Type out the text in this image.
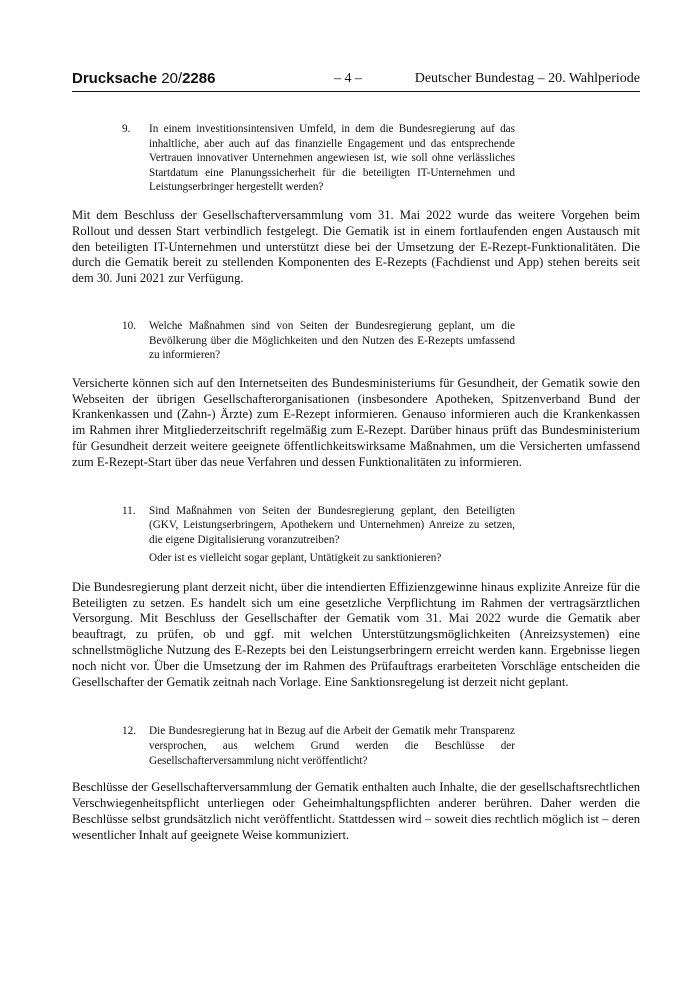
Drucksache 20/2286	– 4 –	Deutscher Bundestag – 20. Wahlperiode
9. In einem investitionsintensiven Umfeld, in dem die Bundesregierung auf das inhaltliche, aber auch auf das finanzielle Engagement und das entsprechende Vertrauen innovativer Unternehmen angewiesen ist, wie soll ohne verlässliches Startdatum eine Planungssicherheit für die beteiligten IT-Unternehmen und Leistungserbringer hergestellt werden?

Mit dem Beschluss der Gesellschafterversammlung vom 31. Mai 2022 wurde das weitere Vorgehen beim Rollout und dessen Start verbindlich festgelegt. Die Gematik ist in einem fortlaufenden engen Austausch mit den beteiligten IT-Unternehmen und unterstützt diese bei der Umsetzung der E-Rezept-Funktionalitäten. Die durch die Gematik bereit zu stellenden Komponenten des E-Rezepts (Fachdienst und App) stehen bereits seit dem 30. Juni 2021 zur Verfügung.

10. Welche Maßnahmen sind von Seiten der Bundesregierung geplant, um die Bevölkerung über die Möglichkeiten und den Nutzen des E-Rezepts umfassend zu informieren?

Versicherte können sich auf den Internetseiten des Bundesministeriums für Gesundheit, der Gematik sowie den Webseiten der übrigen Gesellschafterorganisationen (insbesondere Apotheken, Spitzenverband Bund der Krankenkassen und (Zahn-) Ärzte) zum E-Rezept informieren. Genauso informieren auch die Krankenkassen im Rahmen ihrer Mitgliederzeitschrift regelmäßig zum E-Rezept. Darüber hinaus prüft das Bundesministerium für Gesundheit derzeit weitere geeignete öffentlichkeitswirksame Maßnahmen, um die Versicherten umfassend zum E-Rezept-Start über das neue Verfahren und dessen Funktionalitäten zu informieren.

11. Sind Maßnahmen von Seiten der Bundesregierung geplant, den Beteiligten (GKV, Leistungserbringern, Apothekern und Unternehmen) Anreize zu setzen, die eigene Digitalisierung voranzutreiben?

Oder ist es vielleicht sogar geplant, Untätigkeit zu sanktionieren?

Die Bundesregierung plant derzeit nicht, über die intendierten Effizienzgewinne hinaus explizite Anreize für die Beteiligten zu setzen. Es handelt sich um eine gesetzliche Verpflichtung im Rahmen der vertragsärztlichen Versorgung. Mit Beschluss der Gesellschafter der Gematik vom 31. Mai 2022 wurde die Gematik aber beauftragt, zu prüfen, ob und ggf. mit welchen Unterstützungsmöglichkeiten (Anreizsystemen) eine schnellstmögliche Nutzung des E-Rezepts bei den Leistungserbringern erreicht werden kann. Ergebnisse liegen noch nicht vor. Über die Umsetzung der im Rahmen des Prüfauftrags erarbeiteten Vorschläge entscheiden die Gesellschafter der Gematik zeitnah nach Vorlage. Eine Sanktionsregelung ist derzeit nicht geplant.

12. Die Bundesregierung hat in Bezug auf die Arbeit der Gematik mehr Transparenz versprochen, aus welchem Grund werden die Beschlüsse der Gesellschafterversammlung nicht veröffentlicht?

Beschlüsse der Gesellschafterversammlung der Gematik enthalten auch Inhalte, die der gesellschaftsrechtlichen Verschwiegenheitspflicht unterliegen oder Geheimhaltungspflichten anderer berühren. Daher werden die Beschlüsse selbst grundsätzlich nicht veröffentlicht. Stattdessen wird – soweit dies rechtlich möglich ist – deren wesentlicher Inhalt auf geeignete Weise kommuniziert.
